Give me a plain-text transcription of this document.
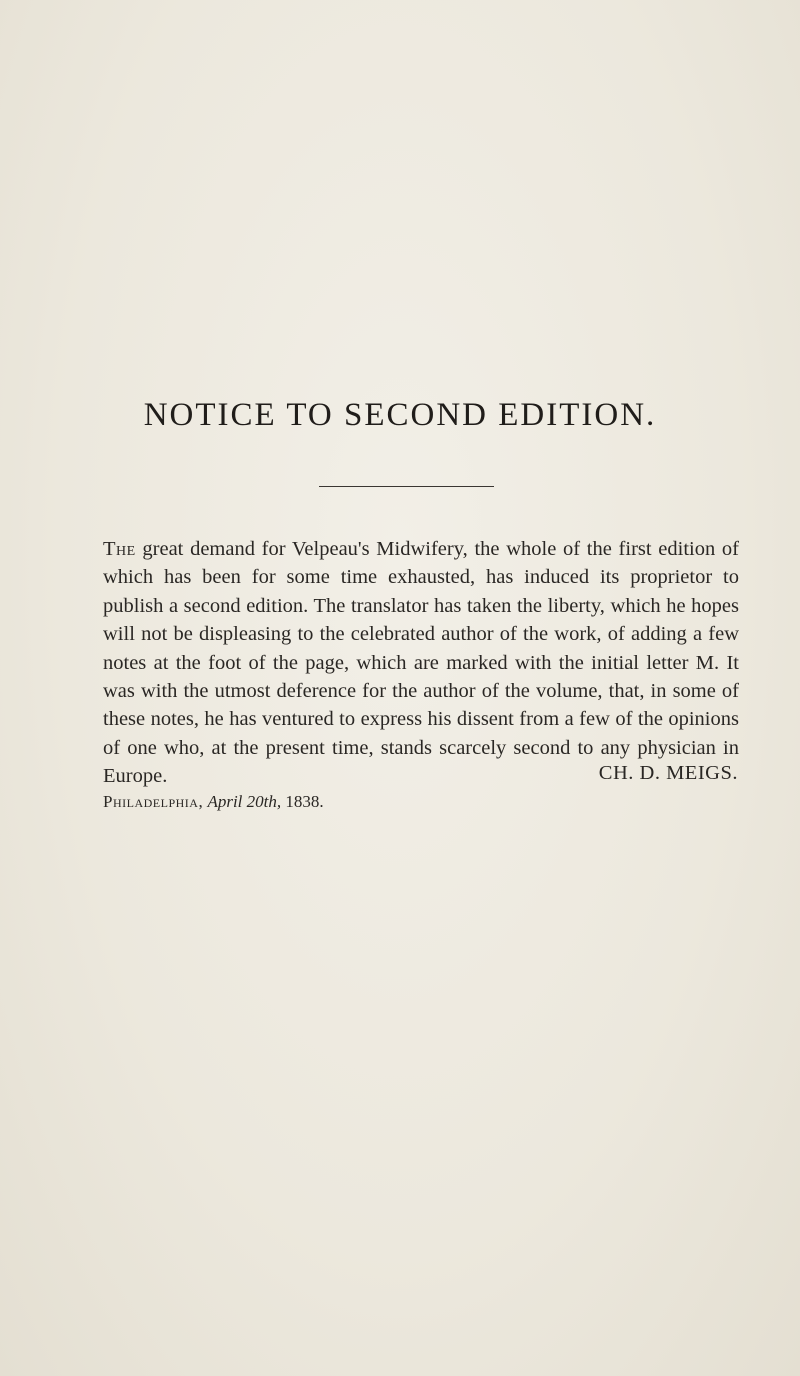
NOTICE TO SECOND EDITION.

The great demand for Velpeau's Midwifery, the whole of the first edition of which has been for some time exhausted, has induced its proprietor to publish a second edition. The translator has taken the liberty, which he hopes will not be displeasing to the celebrated author of the work, of adding a few notes at the foot of the page, which are marked with the initial letter M. It was with the utmost deference for the author of the volume, that, in some of these notes, he has ventured to express his dissent from a few of the opinions of one who, at the present time, stands scarcely second to any physician in Europe.	CH. D. MEIGS.
Philadelphia, April 20th, 1838.
